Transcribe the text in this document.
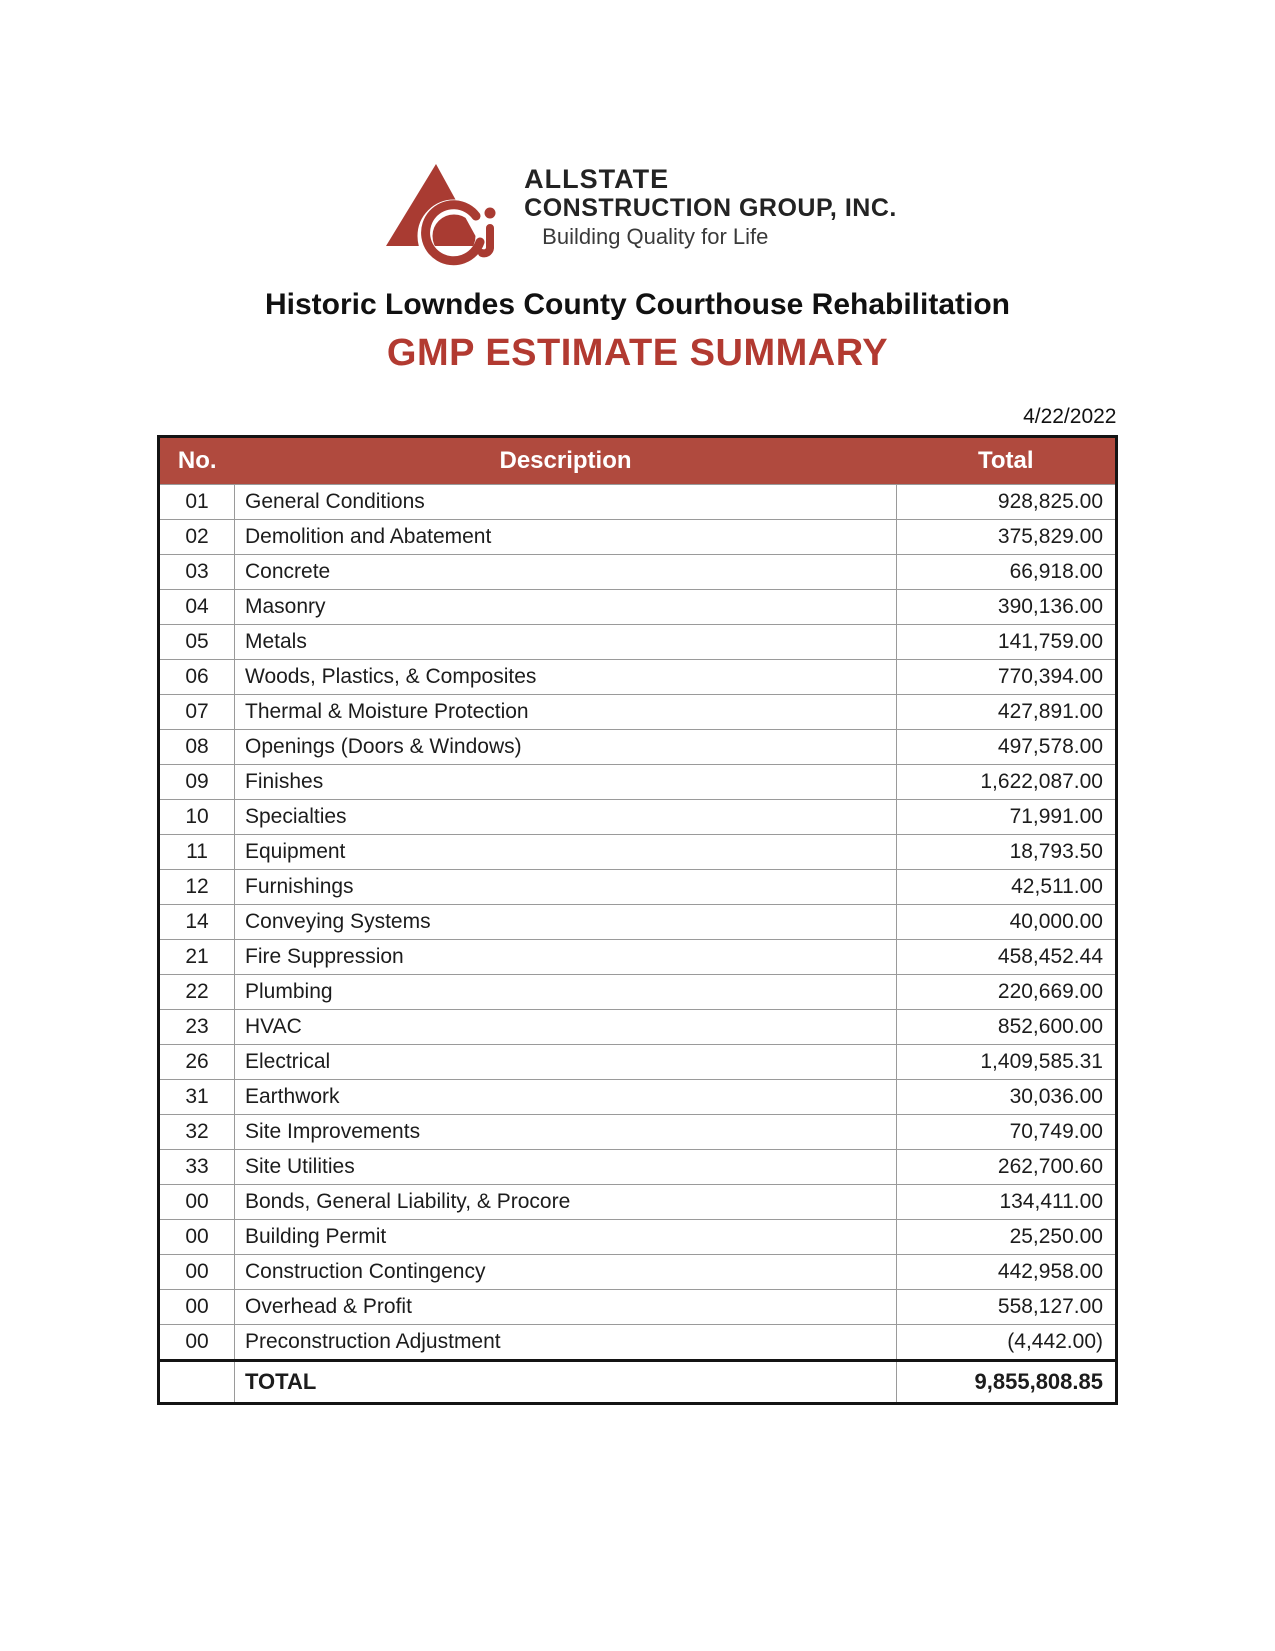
ALLSTATE
CONSTRUCTION GROUP, INC.
Building Quality for Life
Historic Lowndes County Courthouse Rehabilitation
GMP ESTIMATE SUMMARY
4/22/2022
No.	Description	Total
01	General Conditions	928,825.00
02	Demolition and Abatement	375,829.00
03	Concrete	66,918.00
04	Masonry	390,136.00
05	Metals	141,759.00
06	Woods, Plastics, & Composites	770,394.00
07	Thermal & Moisture Protection	427,891.00
08	Openings (Doors & Windows)	497,578.00
09	Finishes	1,622,087.00
10	Specialties	71,991.00
11	Equipment	18,793.50
12	Furnishings	42,511.00
14	Conveying Systems	40,000.00
21	Fire Suppression	458,452.44
22	Plumbing	220,669.00
23	HVAC	852,600.00
26	Electrical	1,409,585.31
31	Earthwork	30,036.00
32	Site Improvements	70,749.00
33	Site Utilities	262,700.60
00	Bonds, General Liability, & Procore	134,411.00
00	Building Permit	25,250.00
00	Construction Contingency	442,958.00
00	Overhead & Profit	558,127.00
00	Preconstruction Adjustment	(4,442.00)
	TOTAL	9,855,808.85
